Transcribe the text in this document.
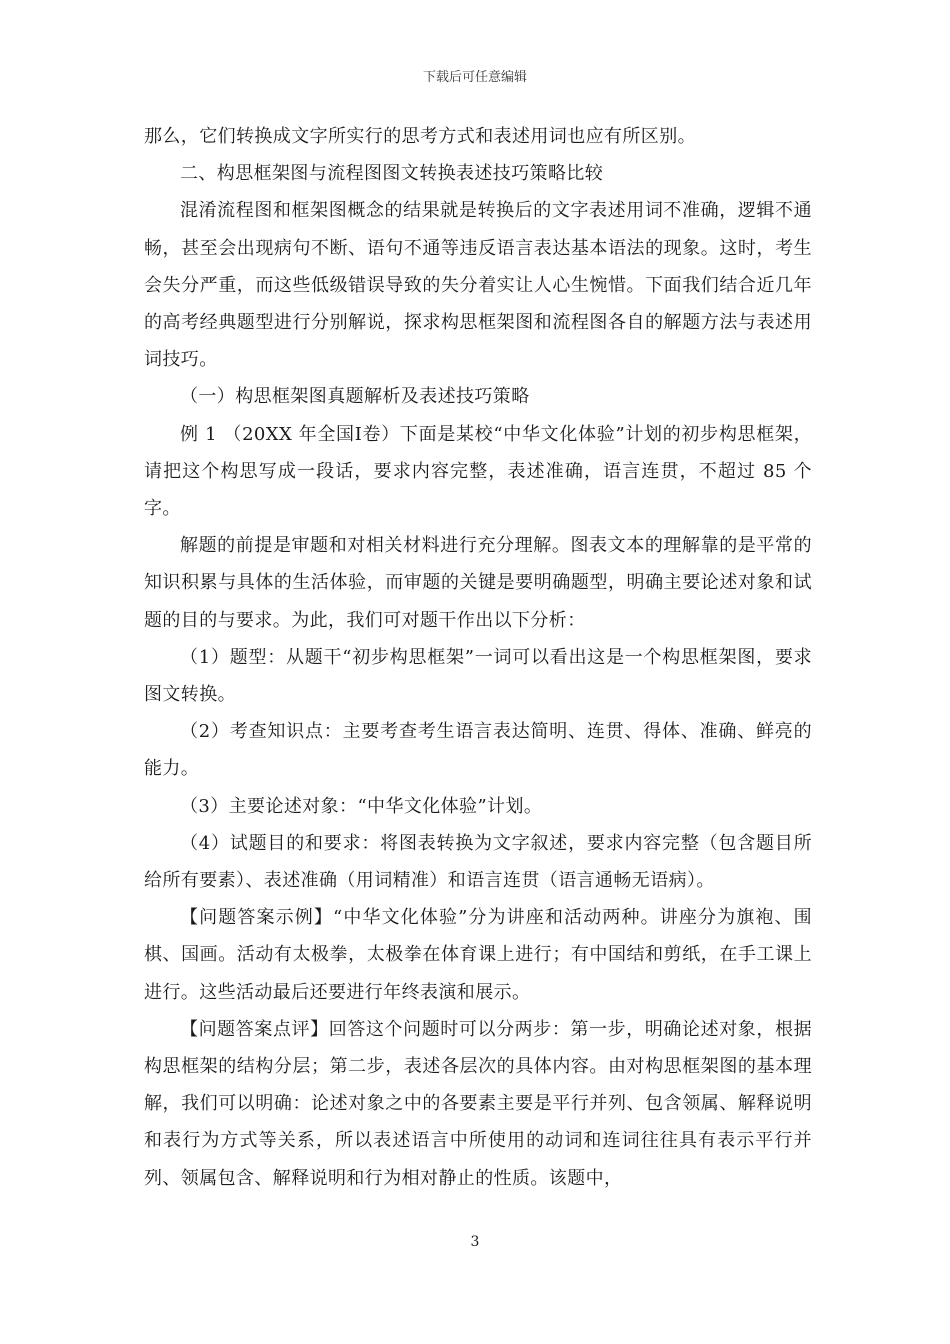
下载后可任意编辑

那么，它们转换成文字所实行的思考方式和表述用词也应有所区别。

二、构思框架图与流程图图文转换表述技巧策略比较

混淆流程图和框架图概念的结果就是转换后的文字表述用词不准确，逻辑不通畅，甚至会出现病句不断、语句不通等违反语言表达基本语法的现象。这时，考生会失分严重，而这些低级错误导致的失分着实让人心生惋惜。下面我们结合近几年的高考经典题型进行分别解说，探求构思框架图和流程图各自的解题方法与表述用词技巧。

（一）构思框架图真题解析及表述技巧策略

例 1 （20XX 年全国Ⅰ卷）下面是某校“中华文化体验”计划的初步构思框架，请把这个构思写成一段话，要求内容完整，表述准确，语言连贯，不超过 85 个字。

解题的前提是审题和对相关材料进行充分理解。图表文本的理解靠的是平常的知识积累与具体的生活体验，而审题的关键是要明确题型，明确主要论述对象和试题的目的与要求。为此，我们可对题干作出以下分析：

（1）题型：从题干“初步构思框架”一词可以看出这是一个构思框架图，要求图文转换。

（2）考查知识点：主要考查考生语言表达简明、连贯、得体、准确、鲜亮的能力。

（3）主要论述对象：“中华文化体验”计划。

（4）试题目的和要求：将图表转换为文字叙述，要求内容完整（包含题目所给所有要素）、表述准确（用词精准）和语言连贯（语言通畅无语病）。

【问题答案示例】“中华文化体验”分为讲座和活动两种。讲座分为旗袍、围棋、国画。活动有太极拳，太极拳在体育课上进行；有中国结和剪纸，在手工课上进行。这些活动最后还要进行年终表演和展示。

【问题答案点评】回答这个问题时可以分两步：第一步，明确论述对象，根据构思框架的结构分层；第二步，表述各层次的具体内容。由对构思框架图的基本理解，我们可以明确：论述对象之中的各要素主要是平行并列、包含领属、解释说明和表行为方式等关系，所以表述语言中所使用的动词和连词往往具有表示平行并列、领属包含、解释说明和行为相对静止的性质。该题中，

3
